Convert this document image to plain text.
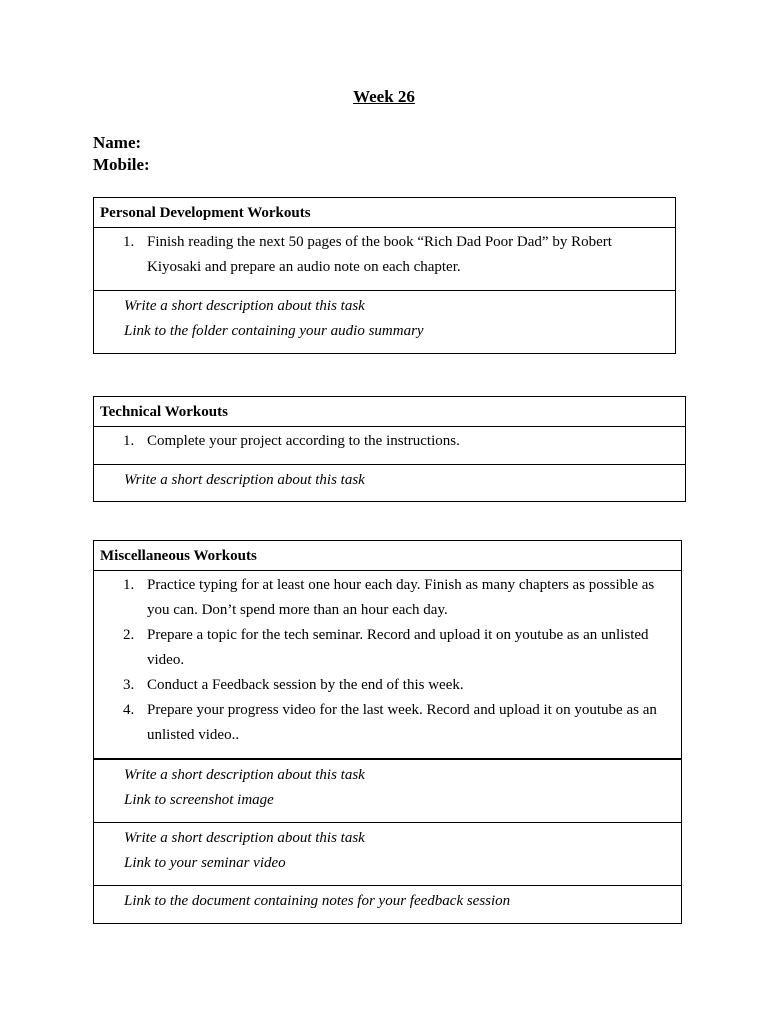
Week 26
Name:
Mobile:
Personal Development Workouts
1. Finish reading the next 50 pages of the book “Rich Dad Poor Dad” by Robert Kiyosaki and prepare an audio note on each chapter.
Write a short description about this task
Link to the folder containing your audio summary
Technical Workouts
1. Complete your project according to the instructions.
Write a short description about this task
Miscellaneous Workouts
1. Practice typing for at least one hour each day. Finish as many chapters as possible as you can. Don’t spend more than an hour each day.
2. Prepare a topic for the tech seminar. Record and upload it on youtube as an unlisted video.
3. Conduct a Feedback session by the end of this week.
4. Prepare your progress video for the last week. Record and upload it on youtube as an unlisted video..
Write a short description about this task
Link to screenshot image
Write a short description about this task
Link to your seminar video
Link to the document containing notes for your feedback session
